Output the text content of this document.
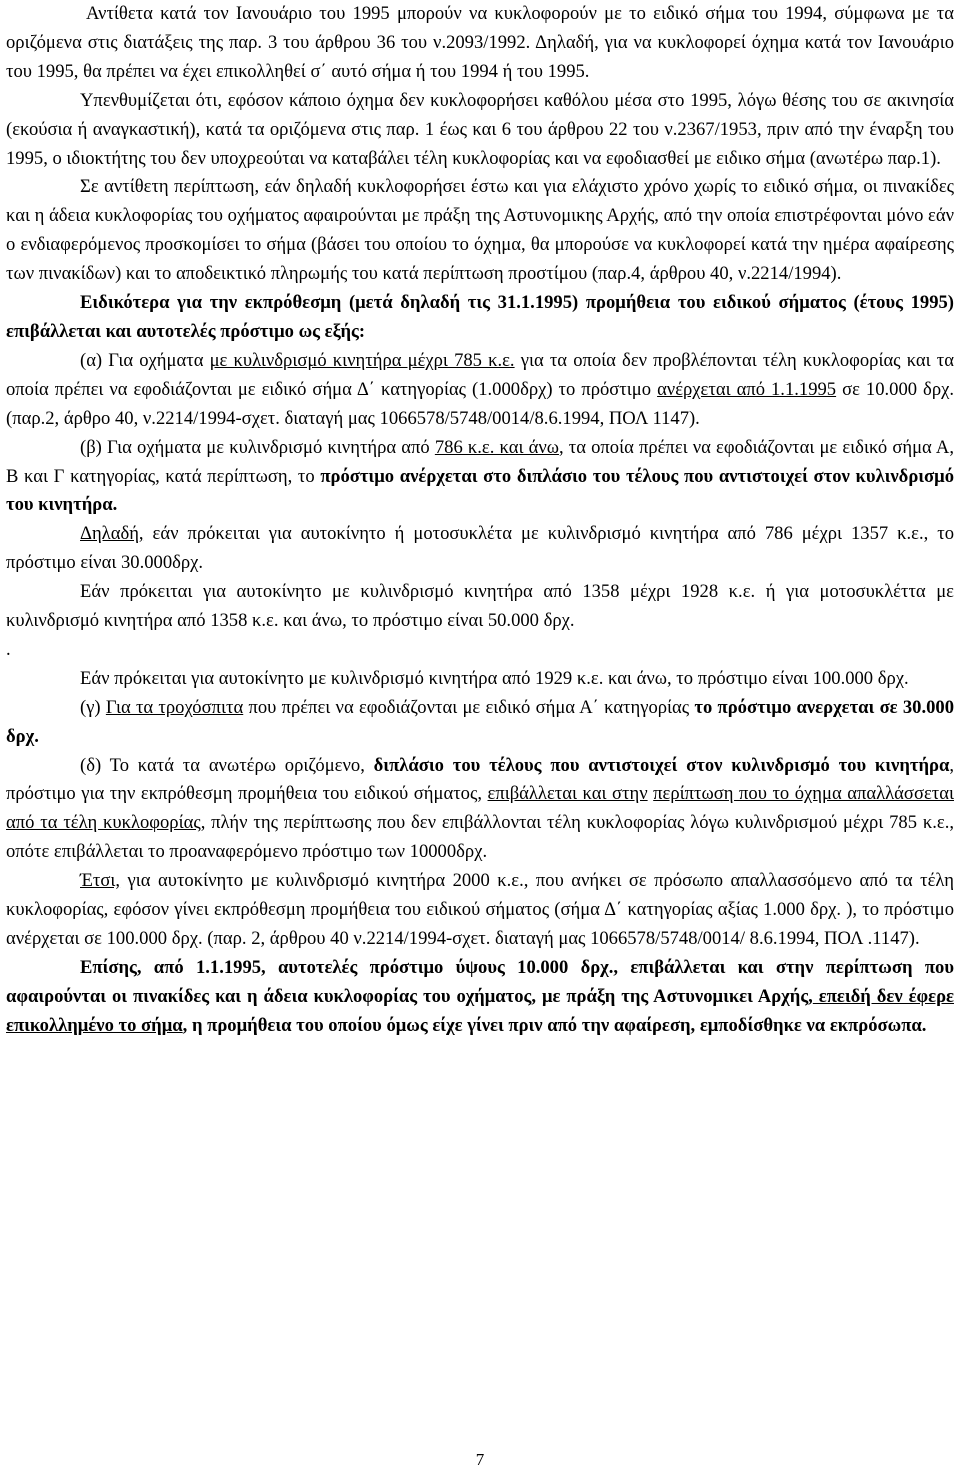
Αντίθετα κατά τον Ιανουάριο του 1995 μπορούν να κυκλοφορούν με το ειδικό σήμα του 1994, σύμφωνα με τα οριζόμενα στις διατάξεις της παρ. 3 του άρθρου 36 του ν.2093/1992. Δηλαδή, για να κυκλοφορεί όχημα κατά τον Ιανουάριο του 1995, θα πρέπει να έχει επικολληθεί σ΄ αυτό σήμα ή του 1994 ή του 1995.

Υπενθυμίζεται ότι, εφόσον κάποιο όχημα δεν κυκλοφορήσει καθόλου μέσα στο 1995, λόγω θέσης του σε ακινησία (εκούσια ή αναγκαστική), κατά τα οριζόμενα στις παρ. 1 έως και 6 του άρθρου 22 του ν.2367/1953, πριν από την έναρξη του 1995, ο ιδιοκτήτης του δεν υποχρεούται να καταβάλει τέλη κυκλοφορίας και να εφοδιασθεί με ειδικο σήμα (ανωτέρω παρ.1).

Σε αντίθετη περίπτωση, εάν δηλαδή κυκλοφορήσει έστω και για ελάχιστο χρόνο χωρίς το ειδικό σήμα, οι πινακίδες και η άδεια κυκλοφορίας του οχήματος αφαιρούνται με πράξη της Αστυνομικης Αρχής, από την οποία επιστρέφονται μόνο εάν ο ενδιαφερόμενος προσκομίσει το σήμα (βάσει του οποίου το όχημα, θα μπορούσε να κυκλοφορεί κατά την ημέρα αφαίρεσης των πινακίδων) και το αποδεικτικό πληρωμής του κατά περίπτωση προστίμου (παρ.4, άρθρου 40, ν.2214/1994).

Ειδικότερα για την εκπρόθεσμη (μετά δηλαδή τις 31.1.1995) προμήθεια του ειδικού σήματος (έτους 1995) επιβάλλεται και αυτοτελές πρόστιμο ως εξής:

(α) Για οχήματα με κυλινδρισμό κινητήρα μέχρι 785 κ.ε. για τα οποία δεν προβλέπονται τέλη κυκλοφορίας και τα οποία πρέπει να εφοδιάζονται με ειδικό σήμα Δ΄ κατηγορίας (1.000δρχ) το πρόστιμο ανέρχεται από 1.1.1995 σε 10.000 δρχ. (παρ.2, άρθρο 40, ν.2214/1994-σχετ. διαταγή μας 1066578/5748/0014/8.6.1994, ΠΟΛ 1147).

(β) Για οχήματα με κυλινδρισμό κινητήρα από 786 κ.ε. και άνω, τα οποία πρέπει να εφοδιάζονται με ειδικό σήμα Α, Β και Γ κατηγορίας, κατά περίπτωση, το πρόστιμο ανέρχεται στο διπλάσιο του τέλους που αντιστοιχεί στον κυλινδρισμό του κινητήρα.

Δηλαδή, εάν πρόκειται για αυτοκίνητο ή μοτοσυκλέτα με κυλινδρισμό κινητήρα από 786 μέχρι 1357 κ.ε., το πρόστιμο είναι 30.000δρχ.

Εάν πρόκειται για αυτοκίνητο με κυλινδρισμό κινητήρα από 1358 μέχρι 1928 κ.ε. ή για μοτοσυκλέττα με κυλινδρισμό κινητήρα από 1358 κ.ε. και άνω, το πρόστιμο είναι 50.000 δρχ.
.

Εάν πρόκειται για αυτοκίνητο με κυλινδρισμό κινητήρα από 1929 κ.ε. και άνω, το πρόστιμο είναι 100.000 δρχ.

(γ) Για τα τροχόσπιτα που πρέπει να εφοδιάζονται με ειδικό σήμα Α΄ κατηγορίας το πρόστιμο ανερχεται σε 30.000 δρχ.

(δ) Το κατά τα ανωτέρω οριζόμενο, διπλάσιο του τέλους που αντιστοιχεί στον κυλινδρισμό του κινητήρα, πρόστιμο για την εκπρόθεσμη προμήθεια του ειδικού σήματος, επιβάλλεται και στην περίπτωση που το όχημα απαλλάσσεται από τα τέλη κυκλοφορίας, πλήν της περίπτωσης που δεν επιβάλλονται τέλη κυκλοφορίας λόγω κυλινδρισμού μέχρι 785 κ.ε., οπότε επιβάλλεται το προαναφερόμενο πρόστιμο των 10000δρχ.

Έτσι, για αυτοκίνητο με κυλινδρισμό κινητήρα 2000 κ.ε., που ανήκει σε πρόσωπο απαλλασσόμενο από τα τέλη κυκλοφορίας, εφόσον γίνει εκπρόθεσμη προμήθεια του ειδικού σήματος (σήμα Δ΄ κατηγορίας αξίας 1.000 δρχ. ), το πρόστιμο ανέρχεται σε 100.000 δρχ. (παρ. 2, άρθρου 40 ν.2214/1994-σχετ. διαταγή μας 1066578/5748/0014/ 8.6.1994, ΠΟΛ .1147).

Επίσης, από 1.1.1995, αυτοτελές πρόστιμο ύψους 10.000 δρχ., επιβάλλεται και στην περίπτωση που αφαιρούνται οι πινακίδες και η άδεια κυκλοφορίας του οχήματος, με πράξη της Αστυνομικει Αρχής, επειδή δεν έφερε επικολλημένο το σήμα, η προμήθεια του οποίου όμως είχε γίνει πριν από την αφαίρεση, εμποδίσθηκε να εκπρόσωπα.

7
